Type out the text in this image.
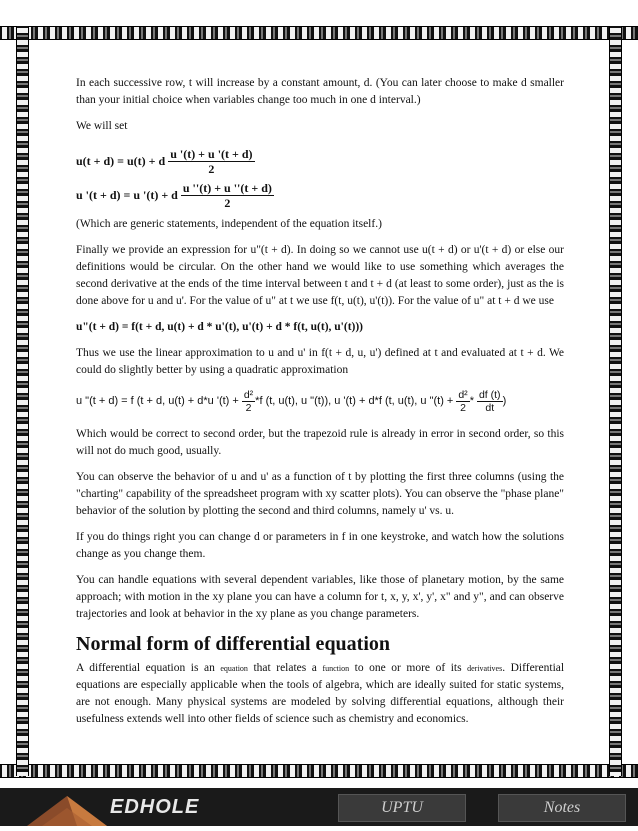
In each successive row, t will increase by a constant amount, d. (You can later choose to make d smaller than your initial choice when variables change too much in one d interval.)

We will set

u(t + d) = u(t) + d $\frac{u '(t) + u '(t + d)}{2}$
u '(t + d) = u '(t) + d $\frac{u ''(t) + u ''(t + d)}{2}$

(Which are generic statements, independent of the equation itself.)

Finally we provide an expression for u"(t + d). In doing so we cannot use u(t + d) or u'(t + d) or else our definitions would be circular. On the other hand we would like to use something which averages the second derivative at the ends of the time interval between t and t + d (at least to some order), just as the is done above for u and u'. For the value of u" at t we use f(t, u(t), u'(t)). For the value of u" at t + d we use

u"(t + d) = f(t + d, u(t) + d * u'(t), u'(t) + d * f(t, u(t), u'(t)))

Thus we use the linear approximation to u and u' in f(t + d, u, u') defined at t and evaluated at t + d. We could do slightly better by using a quadratic approximation

u "(t + d) = f (t + d, u(t) + d*u '$(t) + \frac{\text{d²}}{2} *f$ (t, u(t), u "(t)), u '(t) + d*f (t, u(t), u "$(t) + \frac{\text{d²}}{2} * \frac{df (t)}{dt}$ )

Which would be correct to second order, but the trapezoid rule is already in error in second order, so this will not do much good, usually.

You can observe the behavior of u and u' as a function of t by plotting the first three columns (using the "charting" capability of the spreadsheet program with xy scatter plots). You can observe the "phase plane" behavior of the solution by plotting the second and third columns, namely u' vs. u.

If you do things right you can change d or parameters in f in one keystroke, and watch how the solutions change as you change them.

You can handle equations with several dependent variables, like those of planetary motion, by the same approach; with motion in the xy plane you can have a column for t, x, y, x', y', x" and y", and can observe trajectories and look at behavior in the xy plane as you change parameters.

Normal form of differential equation

A differential equation is an equation that relates a function to one or more of its derivatives. Differential equations are especially applicable when the tools of algebra, which are ideally suited for static systems, are not enough. Many physical systems are modeled by solving differential equations, although their usefulness extends well into other fields of science such as chemistry and economics.

EDHOLE	UPTU	Notes
